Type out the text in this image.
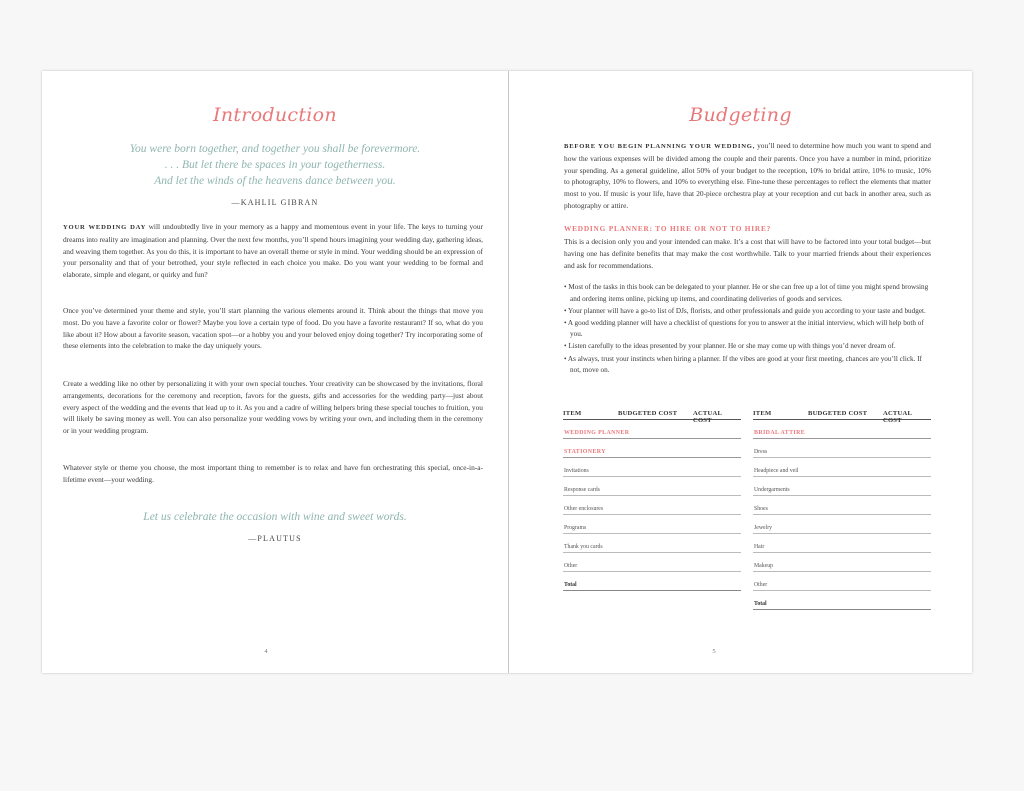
Introduction
You were born together, and together you shall be forevermore.
. . . But let there be spaces in your togetherness.
And let the winds of the heavens dance between you.
—KAHLIL GIBRAN
YOUR WEDDING DAY will undoubtedly live in your memory as a happy and momentous event in your life. The keys to turning your dreams into reality are imagination and planning. Over the next few months, you’ll spend hours imagining your wedding day, gathering ideas, and weaving them together. As you do this, it is important to have an overall theme or style in mind. Your wedding should be an expression of your personality and that of your betrothed, your style reflected in each choice you make. Do you want your wedding to be formal and elaborate, simple and elegant, or quirky and fun?
Once you’ve determined your theme and style, you’ll start planning the various elements around it. Think about the things that move you most. Do you have a favorite color or flower? Maybe you love a certain type of food. Do you have a favorite restaurant? If so, what do you like about it? How about a favorite season, vacation spot—or a hobby you and your beloved enjoy doing together? Try incorporating some of these elements into the celebration to make the day uniquely yours.
Create a wedding like no other by personalizing it with your own special touches. Your creativity can be showcased by the invitations, floral arrangements, decorations for the ceremony and reception, favors for the guests, gifts and accessories for the wedding party—just about every aspect of the wedding and the events that lead up to it. As you and a cadre of willing helpers bring these special touches to fruition, you will likely be saving money as well. You can also personalize your wedding vows by writing your own, and including them in the ceremony or in your wedding program.
Whatever style or theme you choose, the most important thing to remember is to relax and have fun orchestrating this special, once-in-a-lifetime event—your wedding.
Let us celebrate the occasion with wine and sweet words.
—PLAUTUS
4
Budgeting
BEFORE YOU BEGIN PLANNING YOUR WEDDING, you’ll need to determine how much you want to spend and how the various expenses will be divided among the couple and their parents. Once you have a number in mind, prioritize your spending. As a general guideline, allot 50% of your budget to the reception, 10% to bridal attire, 10% to music, 10% to photography, 10% to flowers, and 10% to everything else. Fine-tune these percentages to reflect the elements that matter most to you. If music is your life, have that 20-piece orchestra play at your reception and cut back in another area, such as photography or attire.
WEDDING PLANNER: TO HIRE OR NOT TO HIRE?
This is a decision only you and your intended can make. It’s a cost that will have to be factored into your total budget—but having one has definite benefits that may make the cost worthwhile. Talk to your married friends about their experiences and ask for recommendations.
• Most of the tasks in this book can be delegated to your planner. He or she can free up a lot of time you might spend browsing and ordering items online, picking up items, and coordinating deliveries of goods and services.
• Your planner will have a go-to list of DJs, florists, and other professionals and guide you according to your taste and budget.
• A good wedding planner will have a checklist of questions for you to answer at the initial interview, which will help both of you.
• Listen carefully to the ideas presented by your planner. He or she may come up with things you’d never dream of.
• As always, trust your instincts when hiring a planner. If the vibes are good at your first meeting, chances are you’ll click. If not, move on.
ITEM	BUDGETED COST ACTUAL COST
WEDDING PLANNER
STATIONERY
Invitations
Response cards
Other enclosures
Programs
Thank you cards
Other
Total
ITEM	BUDGETED COST ACTUAL COST
BRIDAL ATTIRE
Dress
Headpiece and veil
Undergarments
Shoes
Jewelry
Hair
Makeup
Other
Total
5
